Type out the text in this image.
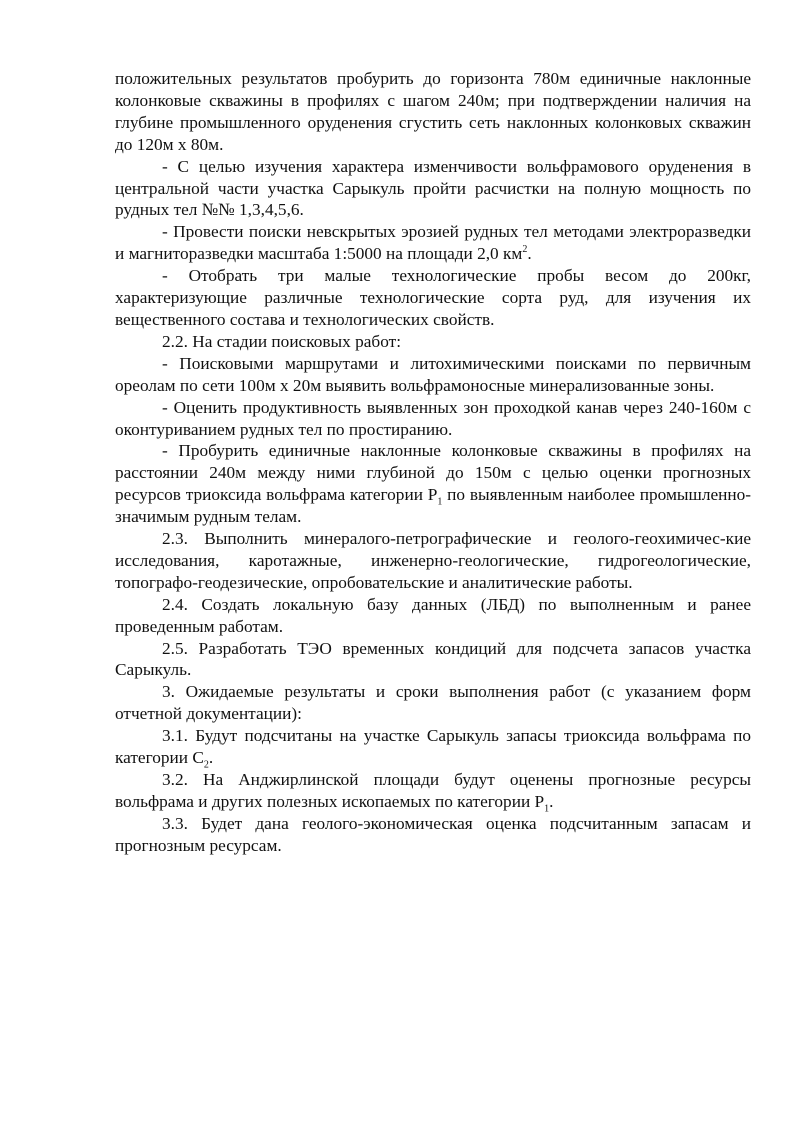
положительных результатов пробурить до горизонта 780м единичные наклонные колонковые скважины в профилях с шагом 240м; при подтверждении наличия на глубине промышленного оруденения сгустить сеть наклонных колонковых скважин до 120м х 80м.

- С целью изучения характера изменчивости вольфрамового оруденения в центральной части участка Сарыкуль пройти расчистки на полную мощность по рудных тел №№ 1,3,4,5,6.

- Провести поиски невскрытых эрозией рудных тел методами электроразведки и магниторазведки масштаба 1:5000 на площади 2,0 $км^2$.

- Отобрать три малые технологические пробы весом до 200кг, характеризующие различные технологические сорта руд, для изучения их вещественного состава и технологических свойств.

2.2. На стадии поисковых работ:

- Поисковыми маршрутами и литохимическими поисками по первичным ореолам по сети 100м х 20м выявить вольфрамоносные минерализованные зоны.

- Оценить продуктивность выявленных зон проходкой канав через 240-160м с оконтуриванием рудных тел по простиранию.

- Пробурить единичные наклонные колонковые скважины в профилях на расстоянии 240м между ними глубиной до 150м с целью оценки прогнозных ресурсов триоксида вольфрама категории $Р_1$ по выявленным наиболее промышленно-значимым рудным телам.

2.3. Выполнить минералого-петрографические и геолого-геохимичес-кие исследования, каротажные, инженерно-геологические, гидрогеологические, топографо-геодезические, опробовательские и аналитические работы.

2.4. Создать локальную базу данных (ЛБД) по выполненным и ранее проведенным работам.

2.5. Разработать ТЭО временных кондиций для подсчета запасов участка Сарыкуль.

3. Ожидаемые результаты и сроки выполнения работ (с указанием форм отчетной документации):

3.1. Будут подсчитаны на участке Сарыкуль запасы триоксида вольфрама по категории $С_2$.

3.2. На Анджирлинской площади будут оценены прогнозные ресурсы вольфрама и других полезных ископаемых по категории $Р_1$.

3.3. Будет дана геолого-экономическая оценка подсчитанным запасам и прогнозным ресурсам.
